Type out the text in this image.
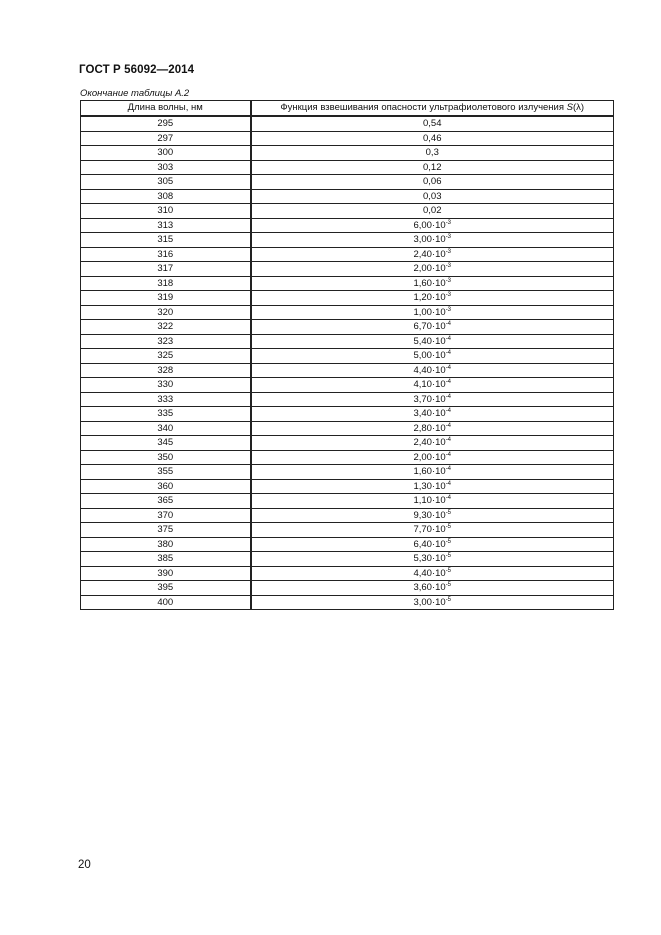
ГОСТ Р 56092—2014
Окончание таблицы А.2
Длина волны, нм	Функция взвешивания опасности ультрафиолетового излучения S(λ)
295	0,54
297	0,46
300	0,3
303	0,12
305	0,06
308	0,03
310	0,02
313	$6,00\cdot 10^{-3}$
315	$3,00\cdot 10^{-3}$
316	$2,40\cdot 10^{-3}$
317	$2,00\cdot 10^{-3}$
318	$1,60\cdot 10^{-3}$
319	$1,20\cdot 10^{-3}$
320	$1,00\cdot 10^{-3}$
322	$6,70\cdot 10^{-4}$
323	$5,40\cdot 10^{-4}$
325	$5,00\cdot 10^{-4}$
328	$4,40\cdot 10^{-4}$
330	$4,10\cdot 10^{-4}$
333	$3,70\cdot 10^{-4}$
335	$3,40\cdot 10^{-4}$
340	$2,80\cdot 10^{-4}$
345	$2,40\cdot 10^{-4}$
350	$2,00\cdot 10^{-4}$
355	$1,60\cdot 10^{-4}$
360	$1,30\cdot 10^{-4}$
365	$1,10\cdot 10^{-4}$
370	$9,30\cdot 10^{-5}$
375	$7,70\cdot 10^{-5}$
380	$6,40\cdot 10^{-5}$
385	$5,30\cdot 10^{-5}$
390	$4,40\cdot 10^{-5}$
395	$3,60\cdot 10^{-5}$
400	$3,00\cdot 10^{-5}$
20
